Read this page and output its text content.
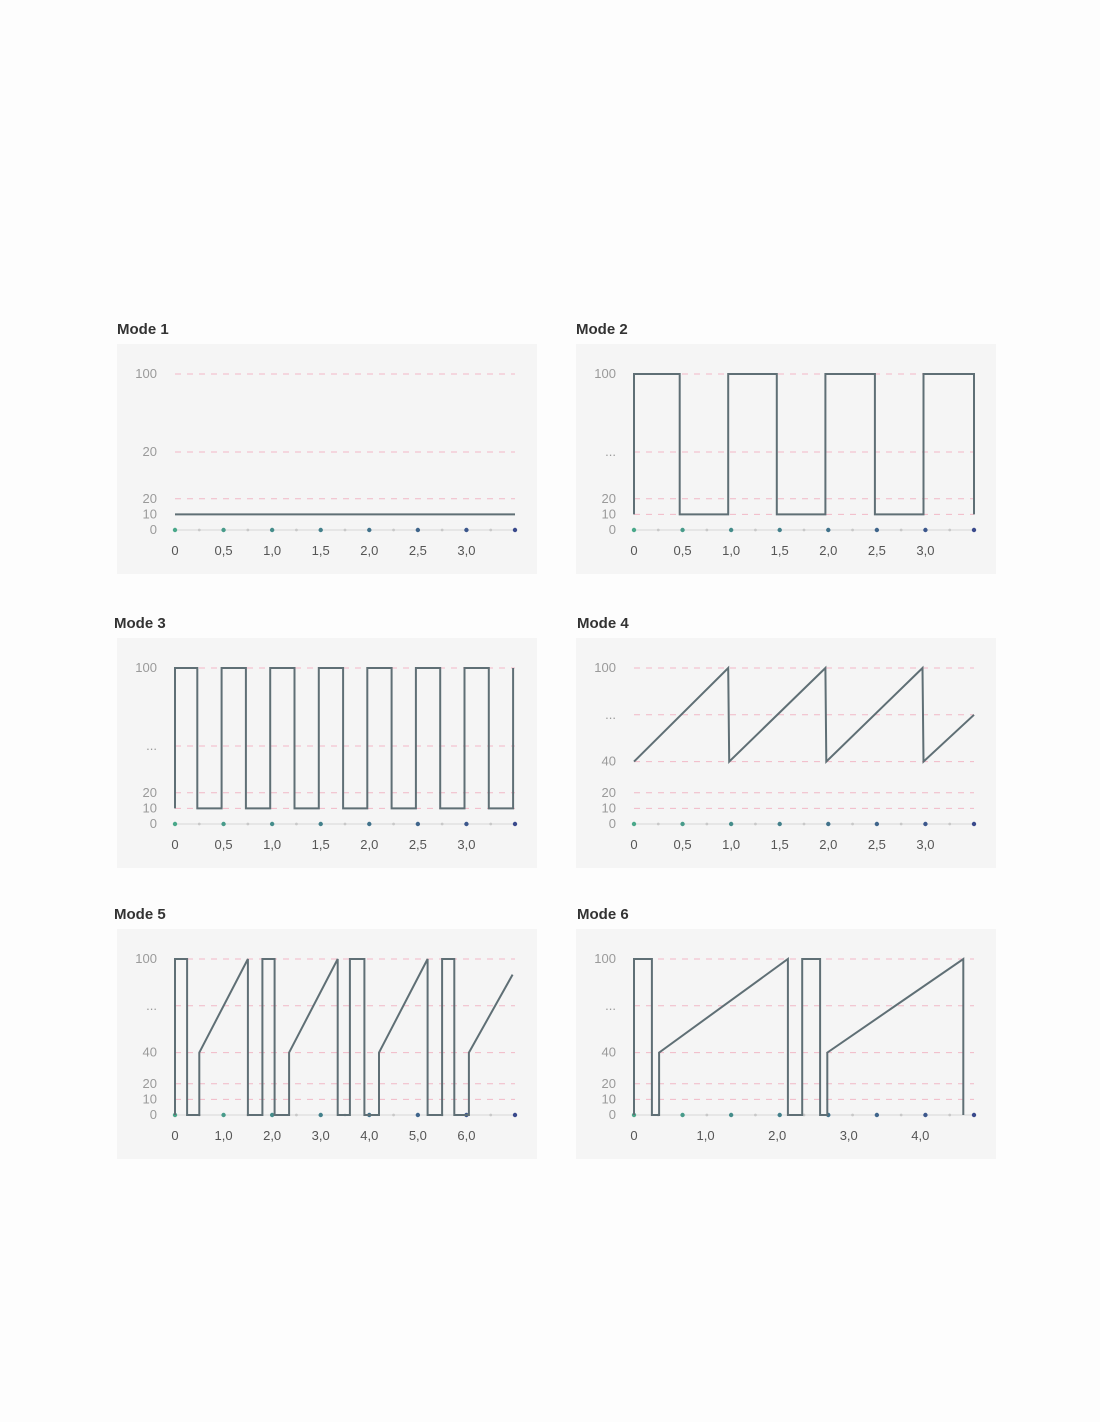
Mode 1
100
20
20
10
0
0	0,5 1,0 1,5 2,0 2,5 3,0
Mode 2
100
...
20
10
0
0	0,5 1,0 1,5 2,0 2,5 3,0
Mode 3
100
...
20
10
0
0	0,5 1,0 1,5 2,0 2,5 3,0
Mode 4
100
...
40
20
10
0
0	0,5 1,0 1,5 2,0 2,5 3,0
Mode 5
100
...
40
20
10
0
0	1,0 2,0 3,0 4,0 5,0 6,0
Mode 6
100
...
40
20
10
0
0	1,0	2,0	3,0	4,0
